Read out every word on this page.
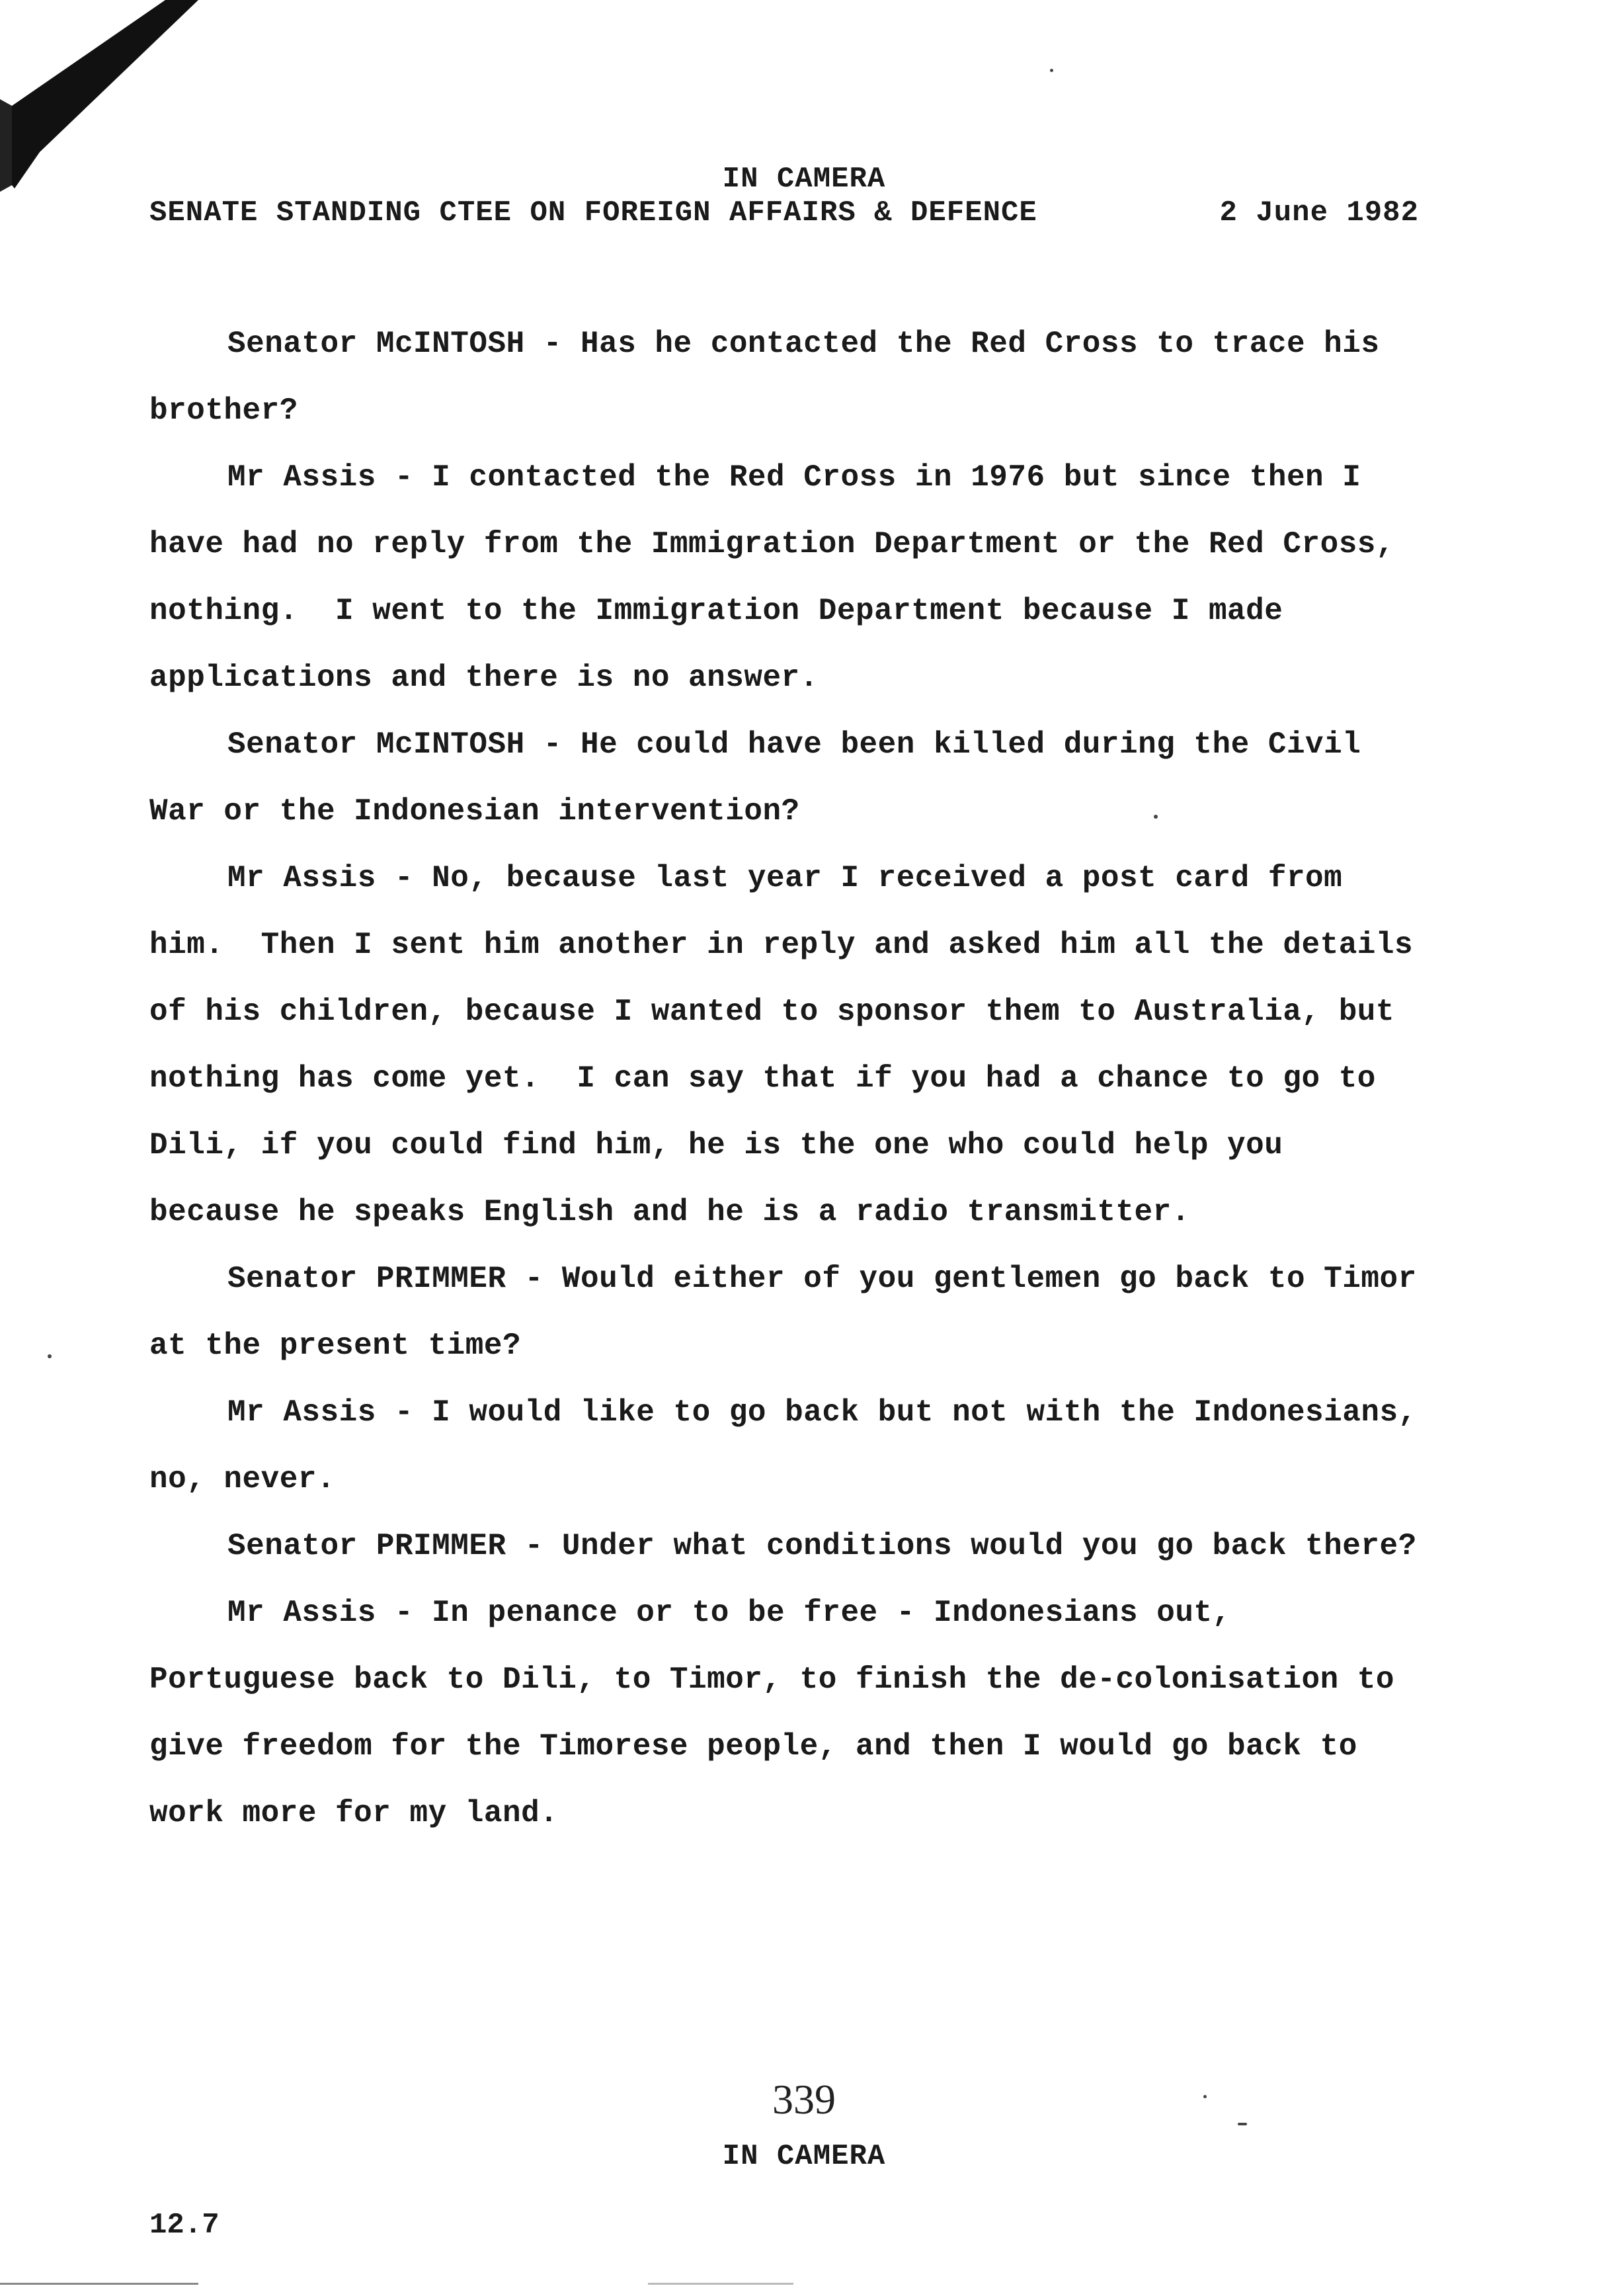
IN CAMERA
SENATE STANDING CTEE ON FOREIGN AFFAIRS & DEFENCE	2 June 1982

Senator McINTOSH - Has he contacted the Red Cross to trace his brother?

Mr Assis - I contacted the Red Cross in 1976 but since then I have had no reply from the Immigration Department or the Red Cross, nothing.  I went to the Immigration Department because I made applications and there is no answer.

Senator McINTOSH - He could have been killed during the Civil War or the Indonesian intervention?

Mr Assis - No, because last year I received a post card from him.  Then I sent him another in reply and asked him all the details of his children, because I wanted to sponsor them to Australia, but nothing has come yet.  I can say that if you had a chance to go to Dili, if you could find him, he is the one who could help you because he speaks English and he is a radio transmitter.

Senator PRIMMER - Would either of you gentlemen go back to Timor at the present time?

Mr Assis - I would like to go back but not with the Indonesians, no, never.

Senator PRIMMER - Under what conditions would you go back there?

Mr Assis - In penance or to be free - Indonesians out, Portuguese back to Dili, to Timor, to finish the de-colonisation to give freedom for the Timorese people, and then I would go back to work more for my land.

339
IN CAMERA
12.7
